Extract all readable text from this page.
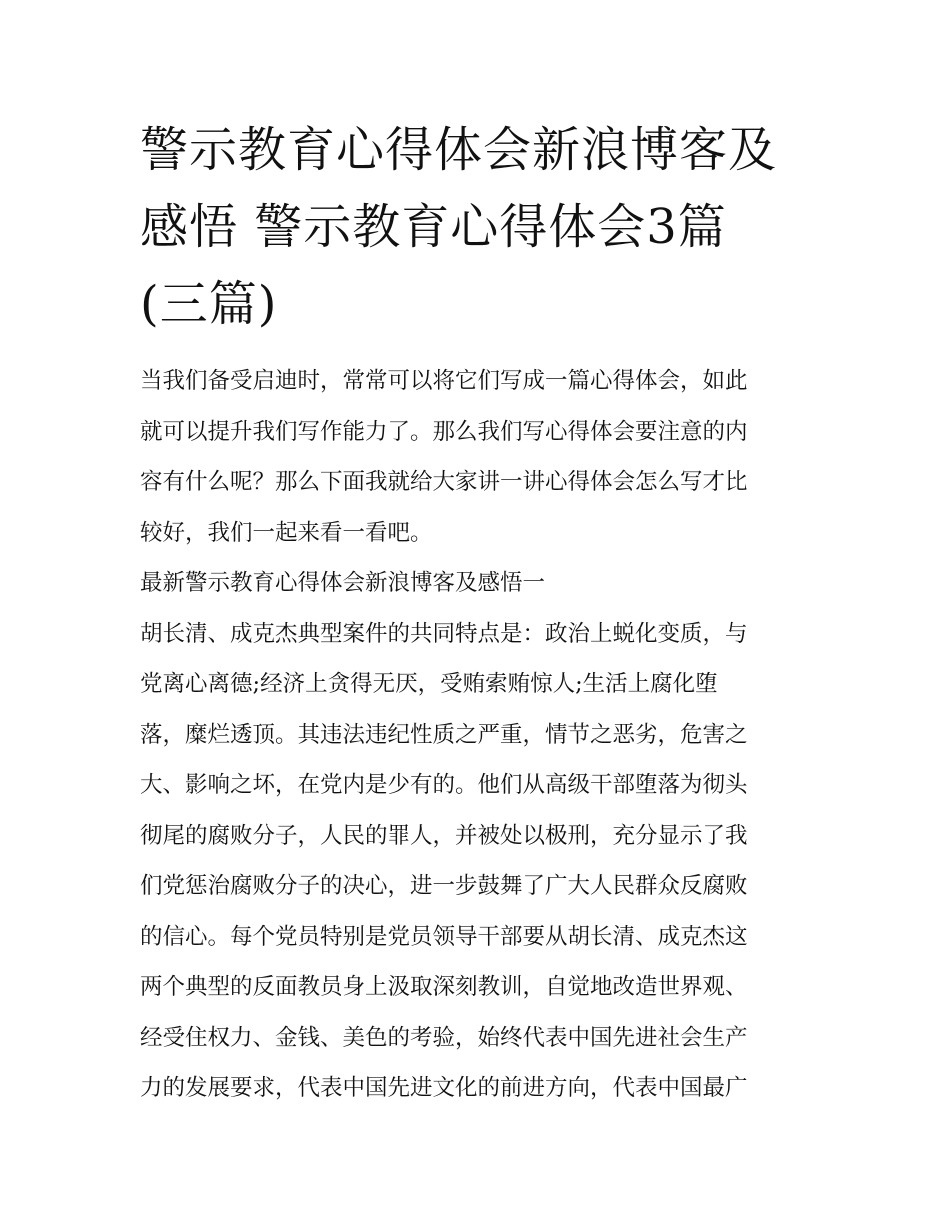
警示教育心得体会新浪博客及
感悟 警示教育心得体会3篇
(三篇)
当我们备受启迪时，常常可以将它们写成一篇心得体会，如此
就可以提升我们写作能力了。那么我们写心得体会要注意的内
容有什么呢？那么下面我就给大家讲一讲心得体会怎么写才比
较好，我们一起来看一看吧。
最新警示教育心得体会新浪博客及感悟一
胡长清、成克杰典型案件的共同特点是：政治上蜕化变质，与
党离心离德;经济上贪得无厌，受贿索贿惊人;生活上腐化堕
落，糜烂透顶。其违法违纪性质之严重，情节之恶劣，危害之
大、影响之坏，在党内是少有的。他们从高级干部堕落为彻头
彻尾的腐败分子，人民的罪人，并被处以极刑，充分显示了我
们党惩治腐败分子的决心，进一步鼓舞了广大人民群众反腐败
的信心。每个党员特别是党员领导干部要从胡长清、成克杰这
两个典型的反面教员身上汲取深刻教训，自觉地改造世界观、
经受住权力、金钱、美色的考验，始终代表中国先进社会生产
力的发展要求，代表中国先进文化的前进方向，代表中国最广
